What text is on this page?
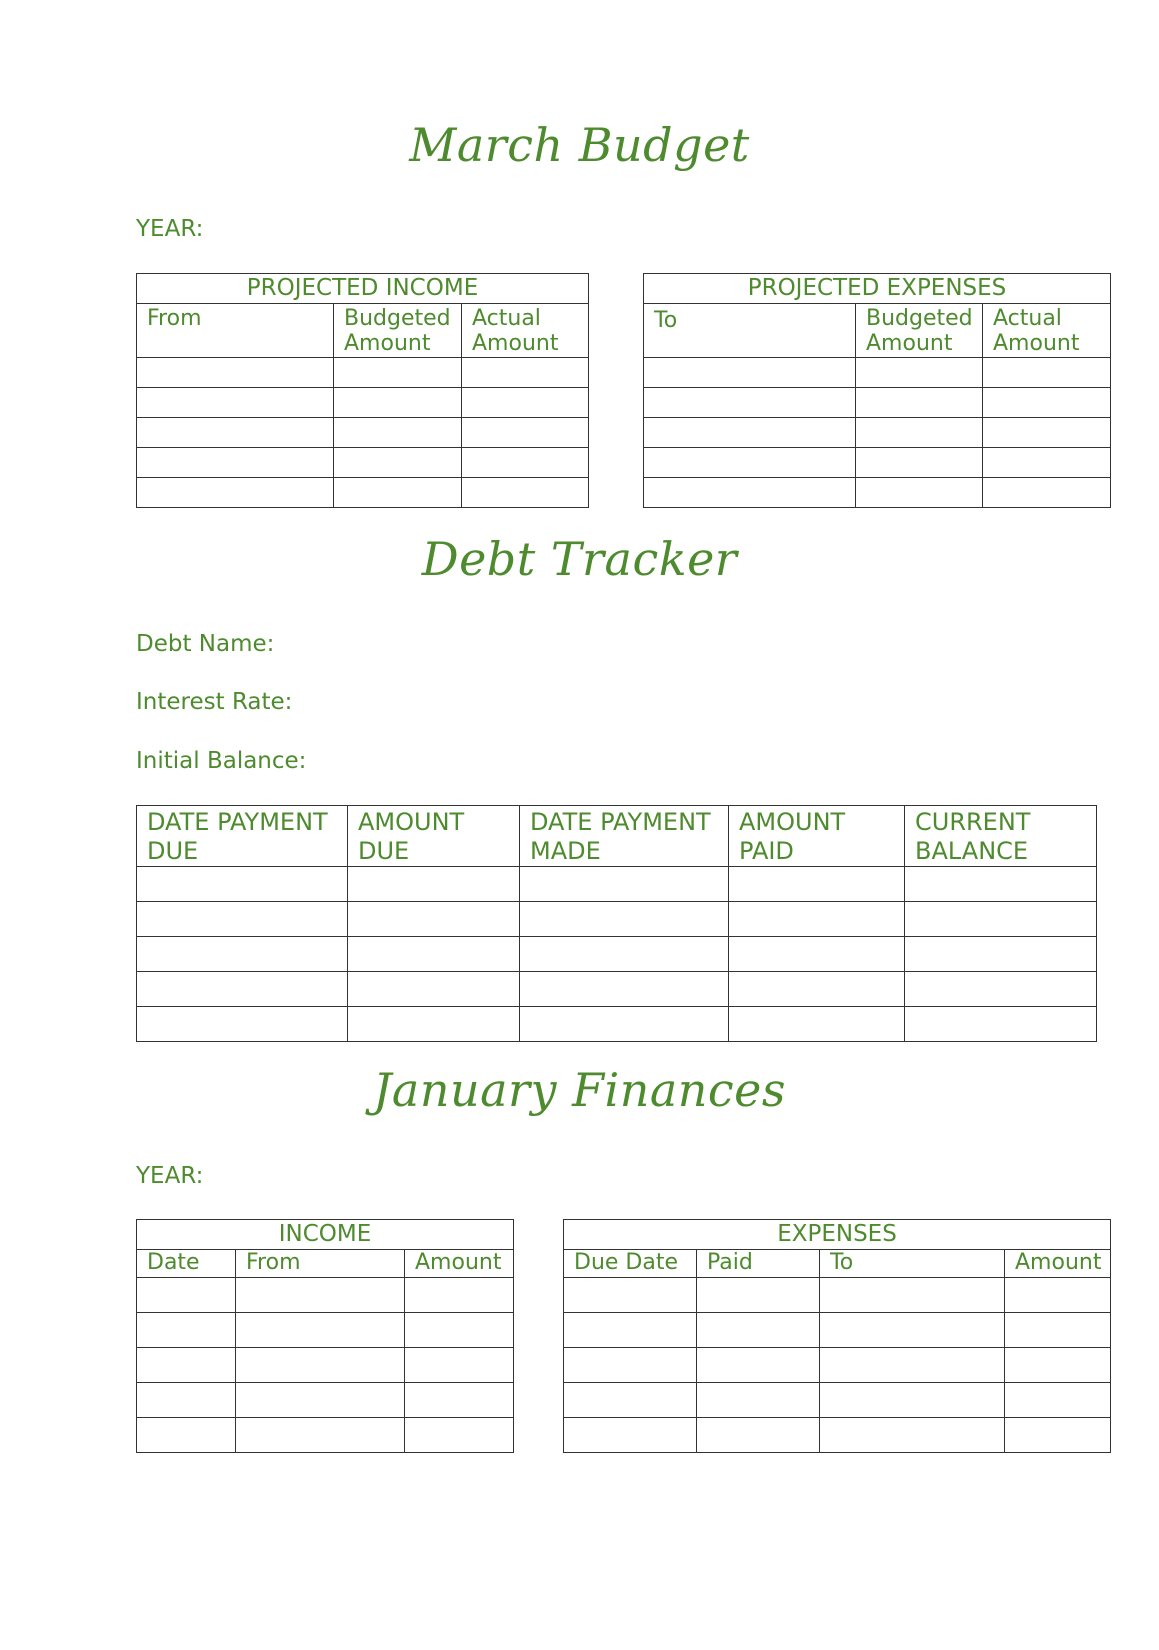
March Budget
YEAR:
PROJECTED INCOME		
From	Budgeted Amount	Actual Amount

PROJECTED EXPENSES		
To	Budgeted Amount	Actual Amount

Debt Tracker
Debt Name:
Interest Rate:
Initial Balance:
DATE PAYMENT DUE	AMOUNT DUE	DATE PAYMENT MADE	AMOUNT PAID	CURRENT BALANCE

January Finances
YEAR:
INCOME		
Date	From	Amount

EXPENSES			
Due Date	Paid	To	Amount
